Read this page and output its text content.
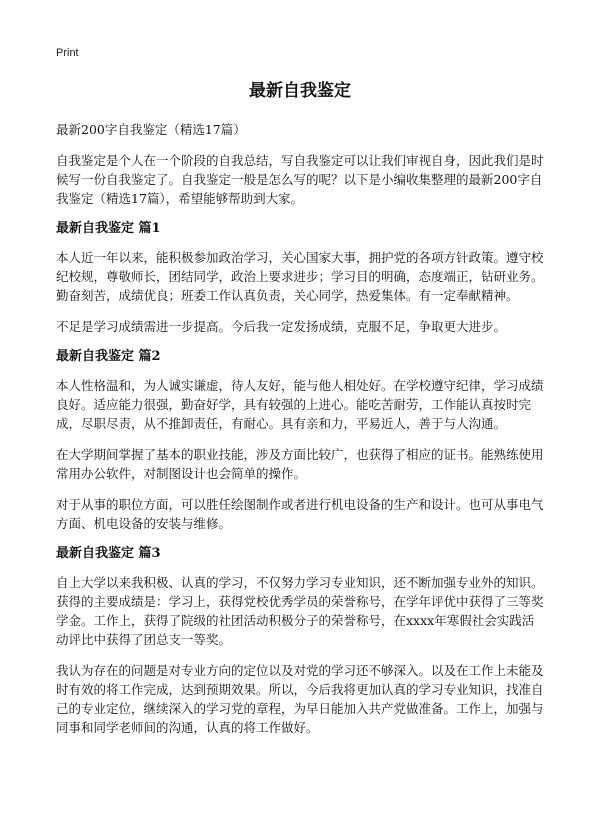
Print

最新自我鉴定

最新200字自我鉴定（精选17篇）

自我鉴定是个人在一个阶段的自我总结，写自我鉴定可以让我们审视自身，因此我们是时候写一份自我鉴定了。自我鉴定一般是怎么写的呢？以下是小编收集整理的最新200字自我鉴定（精选17篇），希望能够帮助到大家。

最新自我鉴定 篇1

本人近一年以来，能积极参加政治学习，关心国家大事，拥护党的各项方针政策。遵守校纪校规，尊敬师长，团结同学，政治上要求进步；学习目的明确，态度端正，钻研业务。勤奋刻苦，成绩优良；班委工作认真负责，关心同学，热爱集体。有一定奉献精神。

不足是学习成绩需进一步提高。今后我一定发扬成绩，克服不足，争取更大进步。

最新自我鉴定 篇2

本人性格温和，为人诚实谦虚，待人友好，能与他人相处好。在学校遵守纪律，学习成绩良好。适应能力很强，勤奋好学，具有较强的上进心。能吃苦耐劳，工作能认真按时完成，尽职尽责，从不推卸责任，有耐心。具有亲和力，平易近人，善于与人沟通。

在大学期间掌握了基本的职业技能，涉及方面比较广，也获得了相应的证书。能熟练使用常用办公软件，对制图设计也会简单的操作。

对于从事的职位方面，可以胜任绘图制作或者进行机电设备的生产和设计。也可从事电气方面、机电设备的安装与维修。

最新自我鉴定 篇3

自上大学以来我积极、认真的学习，不仅努力学习专业知识，还不断加强专业外的知识。获得的主要成绩是：学习上，获得党校优秀学员的荣誉称号，在学年评优中获得了三等奖学金。工作上，获得了院级的社团活动积极分子的荣誉称号，在xxxx年寒假社会实践活动评比中获得了团总支一等奖。

我认为存在的问题是对专业方向的定位以及对党的学习还不够深入。以及在工作上未能及时有效的将工作完成，达到预期效果。所以，今后我将更加认真的学习专业知识，找准自己的专业定位，继续深入的学习党的章程，为早日能加入共产党做准备。工作上，加强与同事和同学老师间的沟通，认真的将工作做好。
